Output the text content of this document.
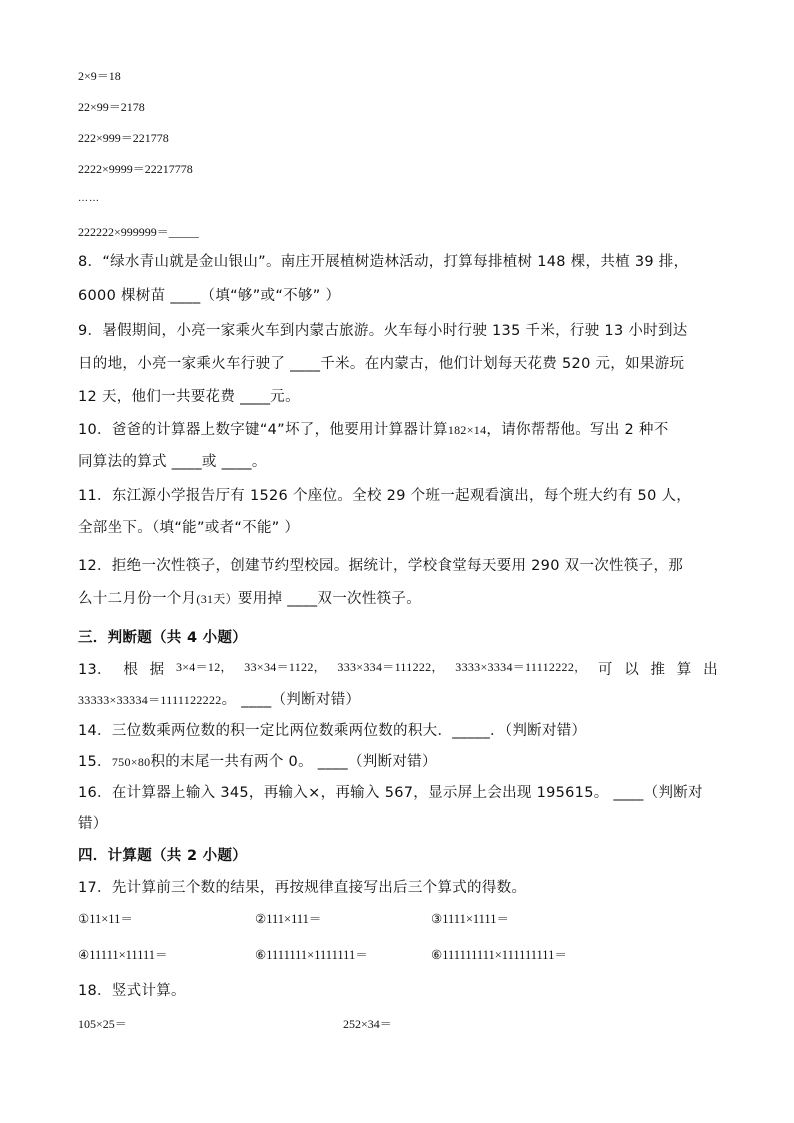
2×9＝18
22×99＝2178
222×999＝221778
2222×9999＝22217778
……
222222×999999＝_____
8．“绿水青山就是金山银山”。南庄开展植树造林活动，打算每排植树 148 棵，共植 39 排，
6000 棵树苗 ____（填“够”或“不够” ）
9．暑假期间，小亮一家乘火车到内蒙古旅游。火车每小时行驶 135 千米，行驶 13 小时到达
日的地，小亮一家乘火车行驶了 ____千米。在内蒙古，他们计划每天花费 520 元，如果游玩
12 天，他们一共要花费 ____元。
10．爸爸的计算器上数字键“4”坏了，他要用计算器计算182×14，请你帮帮他。写出 2 种不
同算法的算式 ____或 ____。
11．东江源小学报告厅有 1526 个座位。全校 29 个班一起观看演出，每个班大约有 50 人，
全部坐下。（填“能”或者“不能” ）
12．拒绝一次性筷子，创建节约型校园。据统计，学校食堂每天要用 290 双一次性筷子，那
么十二月份一个月(31天）要用掉 ____双一次性筷子。
三．判断题（共 4 小题）
13． 根 据 3×4＝12， 33×34＝1122， 333×334＝111222， 3333×3334＝11112222， 可 以 推 算 出
33333×33334＝1111122222。 ____（判断对错）
14．三位数乘两位数的积一定比两位数乘两位数的积大．_____．（判断对错）
15．750×80积的末尾一共有两个 0。 ____（判断对错）
16．在计算器上输入 345，再输入×，再输入 567，显示屏上会出现 195615。 ____（判断对
错）
四．计算题（共 2 小题）
17．先计算前三个数的结果，再按规律直接写出后三个算式的得数。
①11×11＝	②111×111＝	③1111×1111＝
④11111×11111＝	⑥1111111×1111111＝	⑥111111111×111111111＝
18．竖式计算。
105×25＝	252×34＝
